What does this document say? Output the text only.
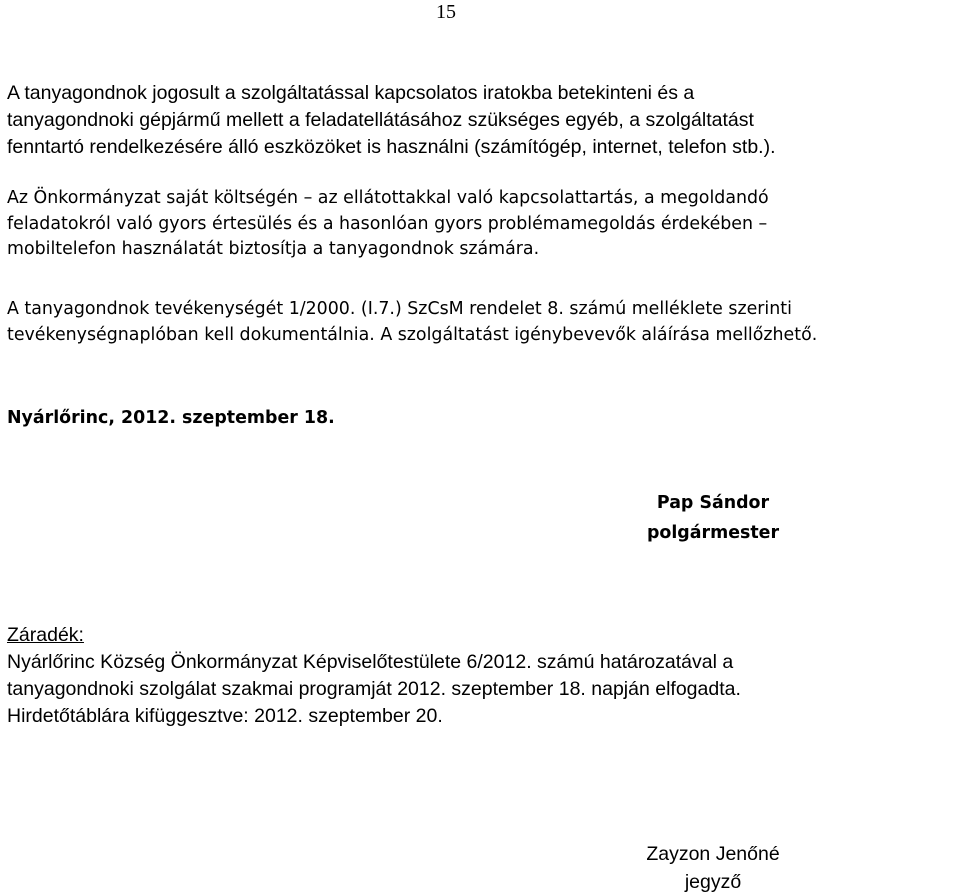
15
A tanyagondnok jogosult a szolgáltatással kapcsolatos iratokba betekinteni és a
tanyagondnoki gépjármű mellett a feladatellátásához szükséges egyéb, a szolgáltatást
fenntartó rendelkezésére álló eszközöket is használni (számítógép, internet, telefon stb.).
Az Önkormányzat saját költségén – az ellátottakkal való kapcsolattartás, a megoldandó
feladatokról való gyors értesülés és a hasonlóan gyors problémamegoldás érdekében –
mobiltelefon használatát biztosítja a tanyagondnok számára.
A tanyagondnok tevékenységét 1/2000. (I.7.) SzCsM rendelet 8. számú melléklete szerinti
tevékenységnaplóban kell dokumentálnia. A szolgáltatást igénybevevők aláírása mellőzhető.
Nyárlőrinc, 2012. szeptember 18.
Pap Sándor
polgármester
Záradék:
Nyárlőrinc Község Önkormányzat Képviselőtestülete 6/2012. számú határozatával a
tanyagondnoki szolgálat szakmai programját 2012. szeptember 18. napján elfogadta.
Hirdetőtáblára kifüggesztve: 2012. szeptember 20.
Zayzon Jenőné
jegyző
